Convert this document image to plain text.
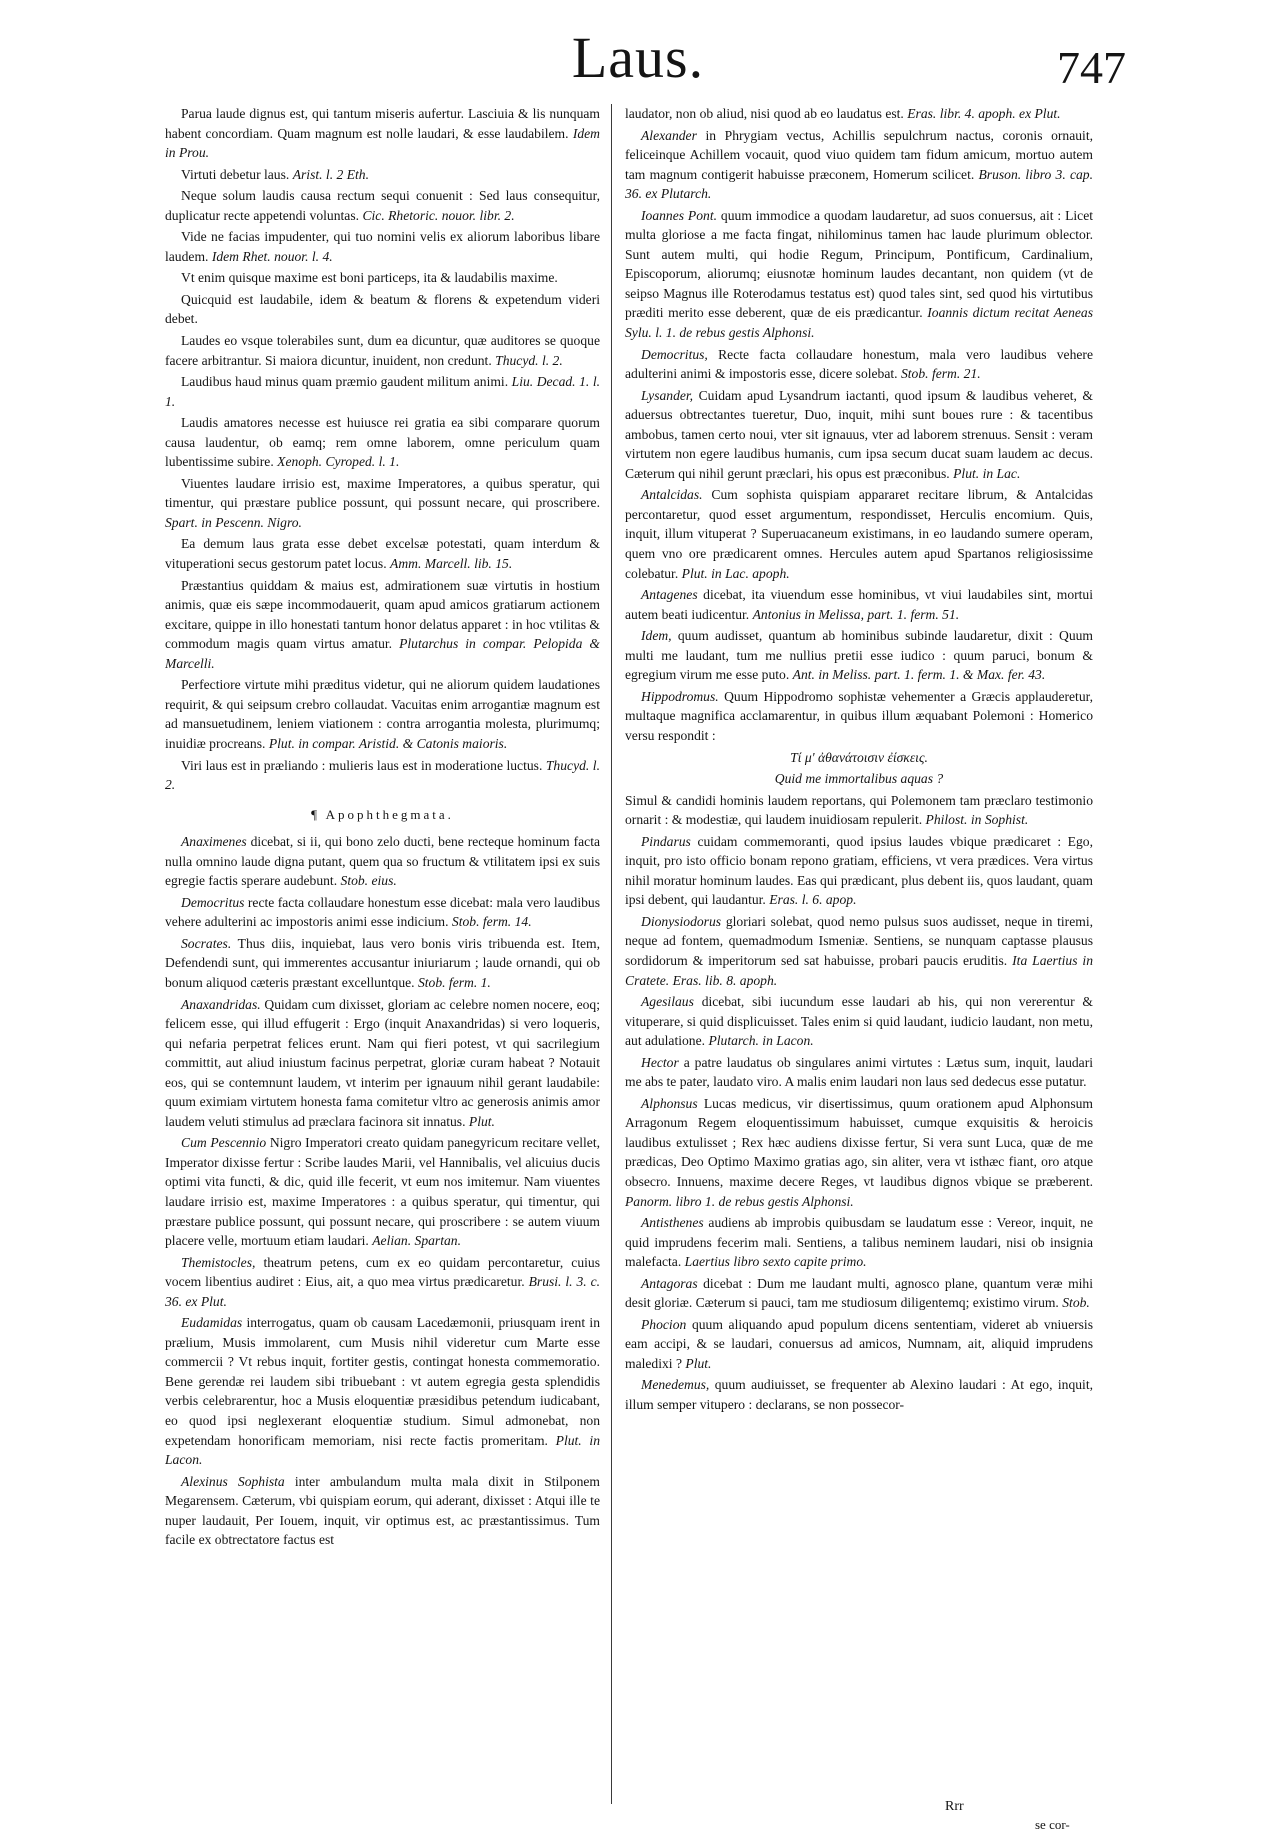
Laus.	747

Parua laude dignus est, qui tantum miseris aufertur. Lasciuia & lis nunquam habent concordiam. Quam magnum est nolle laudari, & esse laudabilem. Idem in Prou.

Virtuti debetur laus. Arist. l. 2 Eth.

Neque solum laudis causa rectum sequi conuenit : Sed laus consequitur, duplicatur recte appetendi voluntas. Cic. Rhetoric. nouor. libr. 2.

Vide ne facias impudenter, qui tuo nomini velis ex aliorum laboribus libare laudem. Idem Rhet. nouor. l. 4.

Vt enim quisque maxime est boni particeps, ita & laudabilis maxime.

Quicquid est laudabile, idem & beatum & florens & expetendum videri debet.

Laudes eo vsque tolerabiles sunt, dum ea dicuntur, quæ auditores se quoque facere arbitrantur. Si maiora dicuntur, inuident, non credunt. Thucyd. l. 2.

Laudibus haud minus quam præmio gaudent militum animi. Liu. Decad. 1. l. 1.

Laudis amatores necesse est huiusce rei gratia ea sibi comparare quorum causa laudentur, ob eamq; rem omne laborem, omne periculum quam lubentissime subire. Xenoph. Cyroped. l. 1.

Viuentes laudare irrisio est, maxime Imperatores, a quibus speratur, qui timentur, qui præstare publice possunt, qui possunt necare, qui proscribere. Spart. in Pescenn. Nigro.

Ea demum laus grata esse debet excelsæ potestati, quam interdum & vituperationi secus gestorum patet locus. Amm. Marcell. lib. 15.

Præstantius quiddam & maius est, admirationem suæ virtutis in hostium animis, quæ eis sæpe incommodauerit, quam apud amicos gratiarum actionem excitare, quippe in illo honestati tantum honor delatus apparet : in hoc vtilitas & commodum magis quam virtus amatur. Plutarchus in compar. Pelopida & Marcelli.

Perfectiore virtute mihi præditus videtur, qui ne aliorum quidem laudationes requirit, & qui seipsum crebro collaudat. Vacuitas enim arrogantiæ magnum est ad mansuetudinem, leniem viationem : contra arrogantia molesta, plurimumq; inuidiæ procreans. Plut. in compar. Aristid. & Catonis maioris.

Viri laus est in præliando : mulieris laus est in moderatione luctus. Thucyd. l. 2.

¶ Apophthegmata.

Anaximenes dicebat, si ii, qui bono zelo ducti, bene recteque hominum facta nulla omnino laude digna putant, quem qua so fructum & vtilitatem ipsi ex suis egregie factis sperare audebunt. Stob. eius.

Democritus recte facta collaudare honestum esse dicebat: mala vero laudibus vehere adulterini ac impostoris animi esse indicium. Stob. ferm. 14.

Socrates. Thus diis, inquiebat, laus vero bonis viris tribuenda est. Item, Defendendi sunt, qui immerentes accusantur iniuriarum ; laude ornandi, qui ob bonum aliquod cæteris præstant excelluntque. Stob. ferm. 1.

Anaxandridas. Quidam cum dixisset, gloriam ac celebre nomen nocere, eoq; felicem esse, qui illud effugerit : Ergo (inquit Anaxandridas) si vero loqueris, qui nefaria perpetrat felices erunt. Nam qui fieri potest, vt qui sacrilegium committit, aut aliud iniustum facinus perpetrat, gloriæ curam habeat ? Notauit eos, qui se contemnunt laudem, vt interim per ignauum nihil gerant laudabile: quum eximiam virtutem honesta fama comitetur vltro ac generosis animis amor laudem veluti stimulus ad præclara facinora sit innatus. Plut.

Cum Pescennio Nigro Imperatori creato quidam panegyricum recitare vellet, Imperator dixisse fertur : Scribe laudes Marii, vel Hannibalis, vel alicuius ducis optimi vita functi, & dic, quid ille fecerit, vt eum nos imitemur. Nam viuentes laudare irrisio est, maxime Imperatores : a quibus speratur, qui timentur, qui præstare publice possunt, qui possunt necare, qui proscribere : se autem viuum placere velle, mortuum etiam laudari. Aelian. Spartan.

Themistocles, theatrum petens, cum ex eo quidam percontaretur, cuius vocem libentius audiret : Eius, ait, a quo mea virtus prædicaretur. Brusi. l. 3. c. 36. ex Plut.

Eudamidas interrogatus, quam ob causam Lacedæmonii, priusquam irent in prælium, Musis immolarent, cum Musis nihil videretur cum Marte esse commercii ? Vt rebus inquit, fortiter gestis, contingat honesta commemoratio. Bene gerendæ rei laudem sibi tribuebant : vt autem egregia gesta splendidis verbis celebrarentur, hoc a Musis eloquentiæ præsidibus petendum iudicabant, eo quod ipsi neglexerant eloquentiæ studium. Simul admonebat, non expetendam honorificam memoriam, nisi recte factis promeritam. Plut. in Lacon.

Alexinus Sophista inter ambulandum multa mala dixit in Stilponem Megarensem. Cæterum, vbi quispiam eorum, qui aderant, dixisset : Atqui ille te nuper laudauit, Per Iouem, inquit, vir optimus est, ac præstantissimus. Tum facile ex obtrectatore factus est

laudator, non ob aliud, nisi quod ab eo laudatus est. Eras. libr. 4. apoph. ex Plut.

Alexander in Phrygiam vectus, Achillis sepulchrum nactus, coronis ornauit, feliceinque Achillem vocauit, quod viuo quidem tam fidum amicum, mortuo autem tam magnum contigerit habuisse præconem, Homerum scilicet. Bruson. libro 3. cap. 36. ex Plutarch.

Ioannes Pont. quum immodice a quodam laudaretur, ad suos conuersus, ait : Licet multa gloriose a me facta fingat, nihilominus tamen hac laude plurimum oblector. Sunt autem multi, qui hodie Regum, Principum, Pontificum, Cardinalium, Episcoporum, aliorumq; eiusnotæ hominum laudes decantant, non quidem (vt de seipso Magnus ille Roterodamus testatus est) quod tales sint, sed quod his virtutibus præditi merito esse deberent, quæ de eis prædicantur. Ioannis dictum recitat Aeneas Sylu. l. 1. de rebus gestis Alphonsi.

Democritus, Recte facta collaudare honestum, mala vero laudibus vehere adulterini animi & impostoris esse, dicere solebat. Stob. ferm. 21.

Lysander, Cuidam apud Lysandrum iactanti, quod ipsum & laudibus veheret, & aduersus obtrectantes tueretur, Duo, inquit, mihi sunt boues rure : & tacentibus ambobus, tamen certo noui, vter sit ignauus, vter ad laborem strenuus. Sensit : veram virtutem non egere laudibus humanis, cum ipsa secum ducat suam laudem ac decus. Cæterum qui nihil gerunt præclari, his opus est præconibus. Plut. in Lac.

Antalcidas. Cum sophista quispiam appararet recitare librum, & Antalcidas percontaretur, quod esset argumentum, respondisset, Herculis encomium. Quis, inquit, illum vituperat ? Superuacaneum existimans, in eo laudando sumere operam, quem vno ore prædicarent omnes. Hercules autem apud Spartanos religiosissime colebatur. Plut. in Lac. apoph.

Antagenes dicebat, ita viuendum esse hominibus, vt viui laudabiles sint, mortui autem beati iudicentur. Antonius in Melissa, part. 1. ferm. 51.

Idem, quum audisset, quantum ab hominibus subinde laudaretur, dixit : Quum multi me laudant, tum me nullius pretii esse iudico : quum paruci, bonum & egregium virum me esse puto. Ant. in Meliss. part. 1. ferm. 1. & Max. fer. 43.

Hippodromus. Quum Hippodromo sophistæ vehementer a Græcis applauderetur, multaque magnifica acclamarentur, in quibus illum æquabant Polemoni : Homerico versu respondit :

Τί μ' ἀθανάτοισιν ἐίσκεις.
Quid me immortalibus aquas ?

Simul & candidi hominis laudem reportans, qui Polemonem tam præclaro testimonio ornarit : & modestiæ, qui laudem inuidiosam repulerit. Philost. in Sophist.

Pindarus cuidam commemoranti, quod ipsius laudes vbique prædicaret : Ego, inquit, pro isto officio bonam repono gratiam, efficiens, vt vera prædices. Vera virtus nihil moratur hominum laudes. Eas qui prædicant, plus debent iis, quos laudant, quam ipsi debent, qui laudantur. Eras. l. 6. apop.

Dionysiodorus gloriari solebat, quod nemo pulsus suos audisset, neque in tiremi, neque ad fontem, quemadmodum Ismeniæ. Sentiens, se nunquam captasse plausus sordidorum & imperitorum sed sat habuisse, probari paucis eruditis. Ita Laertius in Cratete. Eras. lib. 8. apoph.

Agesilaus dicebat, sibi iucundum esse laudari ab his, qui non vererentur & vituperare, si quid displicuisset. Tales enim si quid laudant, iudicio laudant, non metu, aut adulatione. Plutarch. in Lacon.

Hector a patre laudatus ob singulares animi virtutes : Lætus sum, inquit, laudari me abs te pater, laudato viro. A malis enim laudari non laus sed dedecus esse putatur.

Alphonsus Lucas medicus, vir disertissimus, quum orationem apud Alphonsum Arragonum Regem eloquentissimum habuisset, cumque exquisitis & heroicis laudibus extulisset ; Rex hæc audiens dixisse fertur, Si vera sunt Luca, quæ de me prædicas, Deo Optimo Maximo gratias ago, sin aliter, vera vt isthæc fiant, oro atque obsecro. Innuens, maxime decere Reges, vt laudibus dignos vbique se præberent. Panorm. libro 1. de rebus gestis Alphonsi.

Antisthenes audiens ab improbis quibusdam se laudatum esse : Vereor, inquit, ne quid imprudens fecerim mali. Sentiens, a talibus neminem laudari, nisi ob insignia malefacta. Laertius libro sexto capite primo.

Antagoras dicebat : Dum me laudant multi, agnosco plane, quantum veræ mihi desit gloriæ. Cæterum si pauci, tam me studiosum diligentemq; existimo virum. Stob.

Phocion quum aliquando apud populum dicens sententiam, videret ab vniuersis eam accipi, & se laudari, conuersus ad amicos, Numnam, ait, aliquid imprudens maledixi ? Plut.

Menedemus, quum audiuisset, se frequenter ab Alexino laudari : At ego, inquit, illum semper vitupero : declarans, se non possecor-

Rrr
se cor-
